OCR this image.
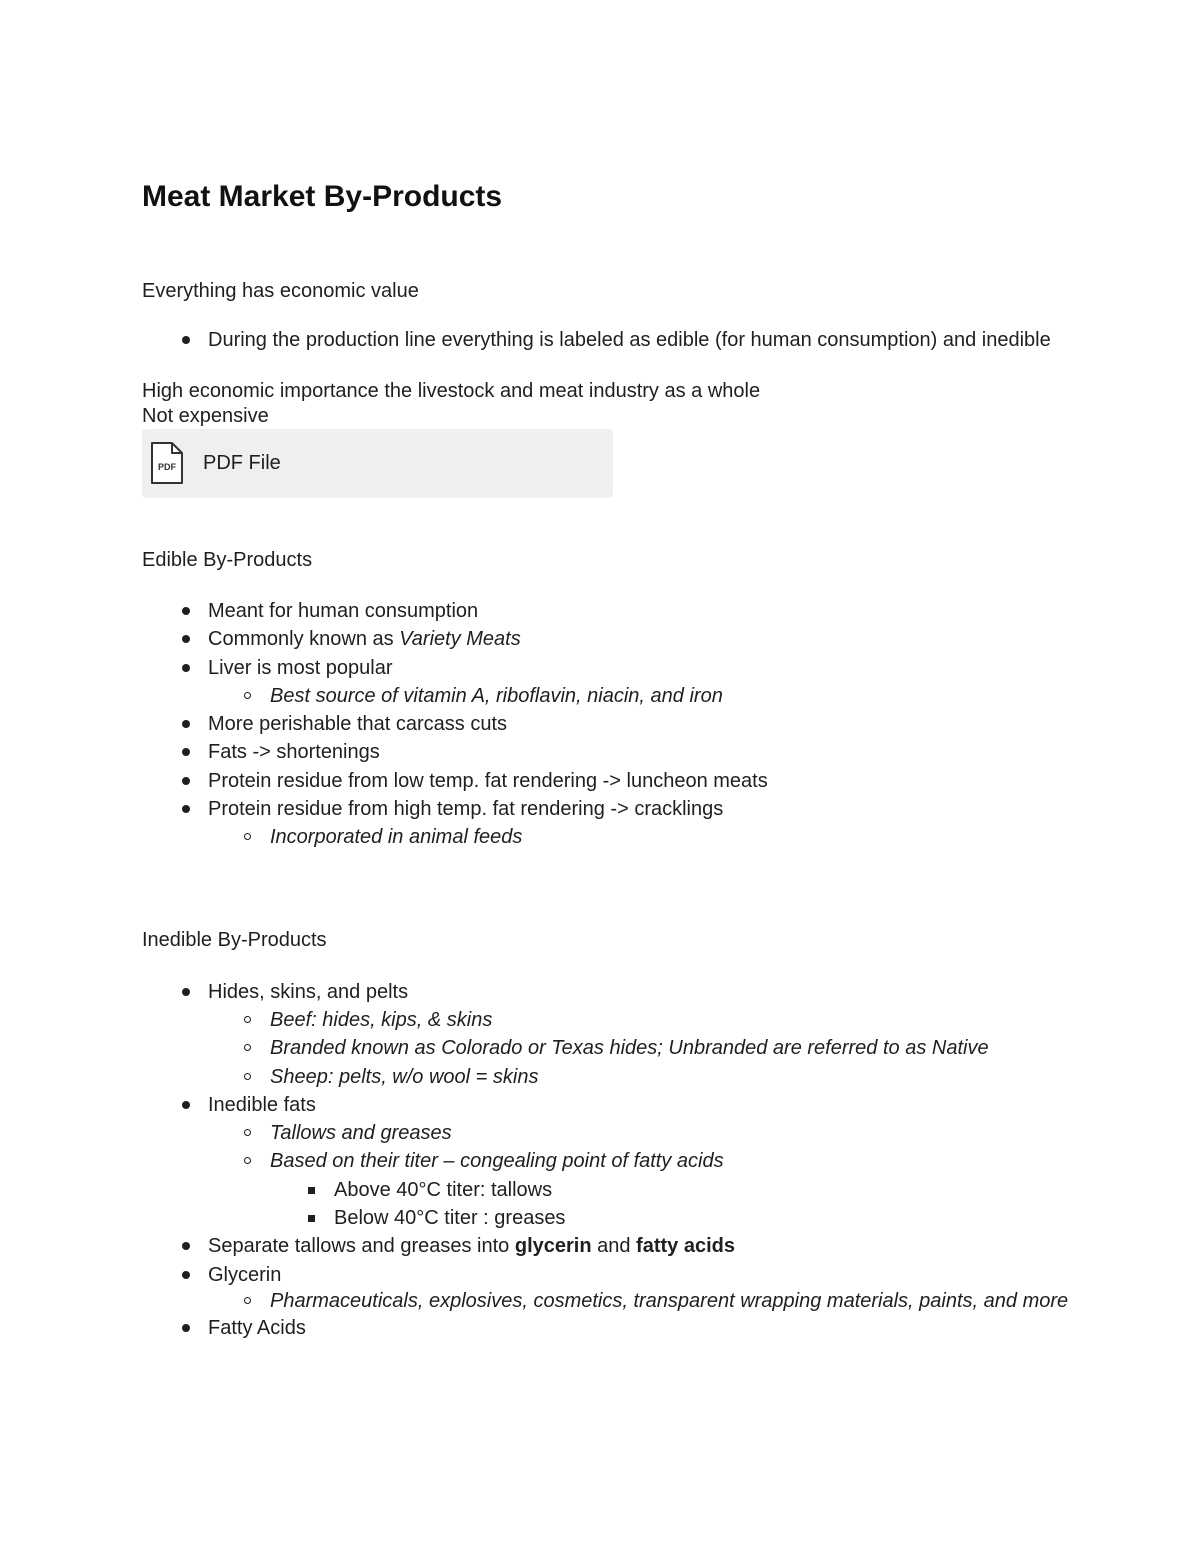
Meat Market By-Products

Everything has economic value

During the production line everything is labeled as edible (for human consumption) and inedible

High economic importance the livestock and meat industry as a whole

Not expensive

PDF PDF File

Edible By-Products

Meant for human consumption
Commonly known as Variety Meats
Liver is most popular
Best source of vitamin A, riboflavin, niacin, and iron
More perishable that carcass cuts
Fats -> shortenings
Protein residue from low temp. fat rendering -> luncheon meats
Protein residue from high temp. fat rendering -> cracklings
Incorporated in animal feeds

Inedible By-Products

Hides, skins, and pelts
Beef: hides, kips, & skins
Branded known as Colorado or Texas hides; Unbranded are referred to as Native
Sheep: pelts, w/o wool = skins
Inedible fats
Tallows and greases
Based on their titer – congealing point of fatty acids
Above 40°C titer: tallows
Below 40°C titer : greases
Separate tallows and greases into glycerin and fatty acids
Glycerin
Pharmaceuticals, explosives, cosmetics, transparent wrapping materials, paints, and more
Fatty Acids
